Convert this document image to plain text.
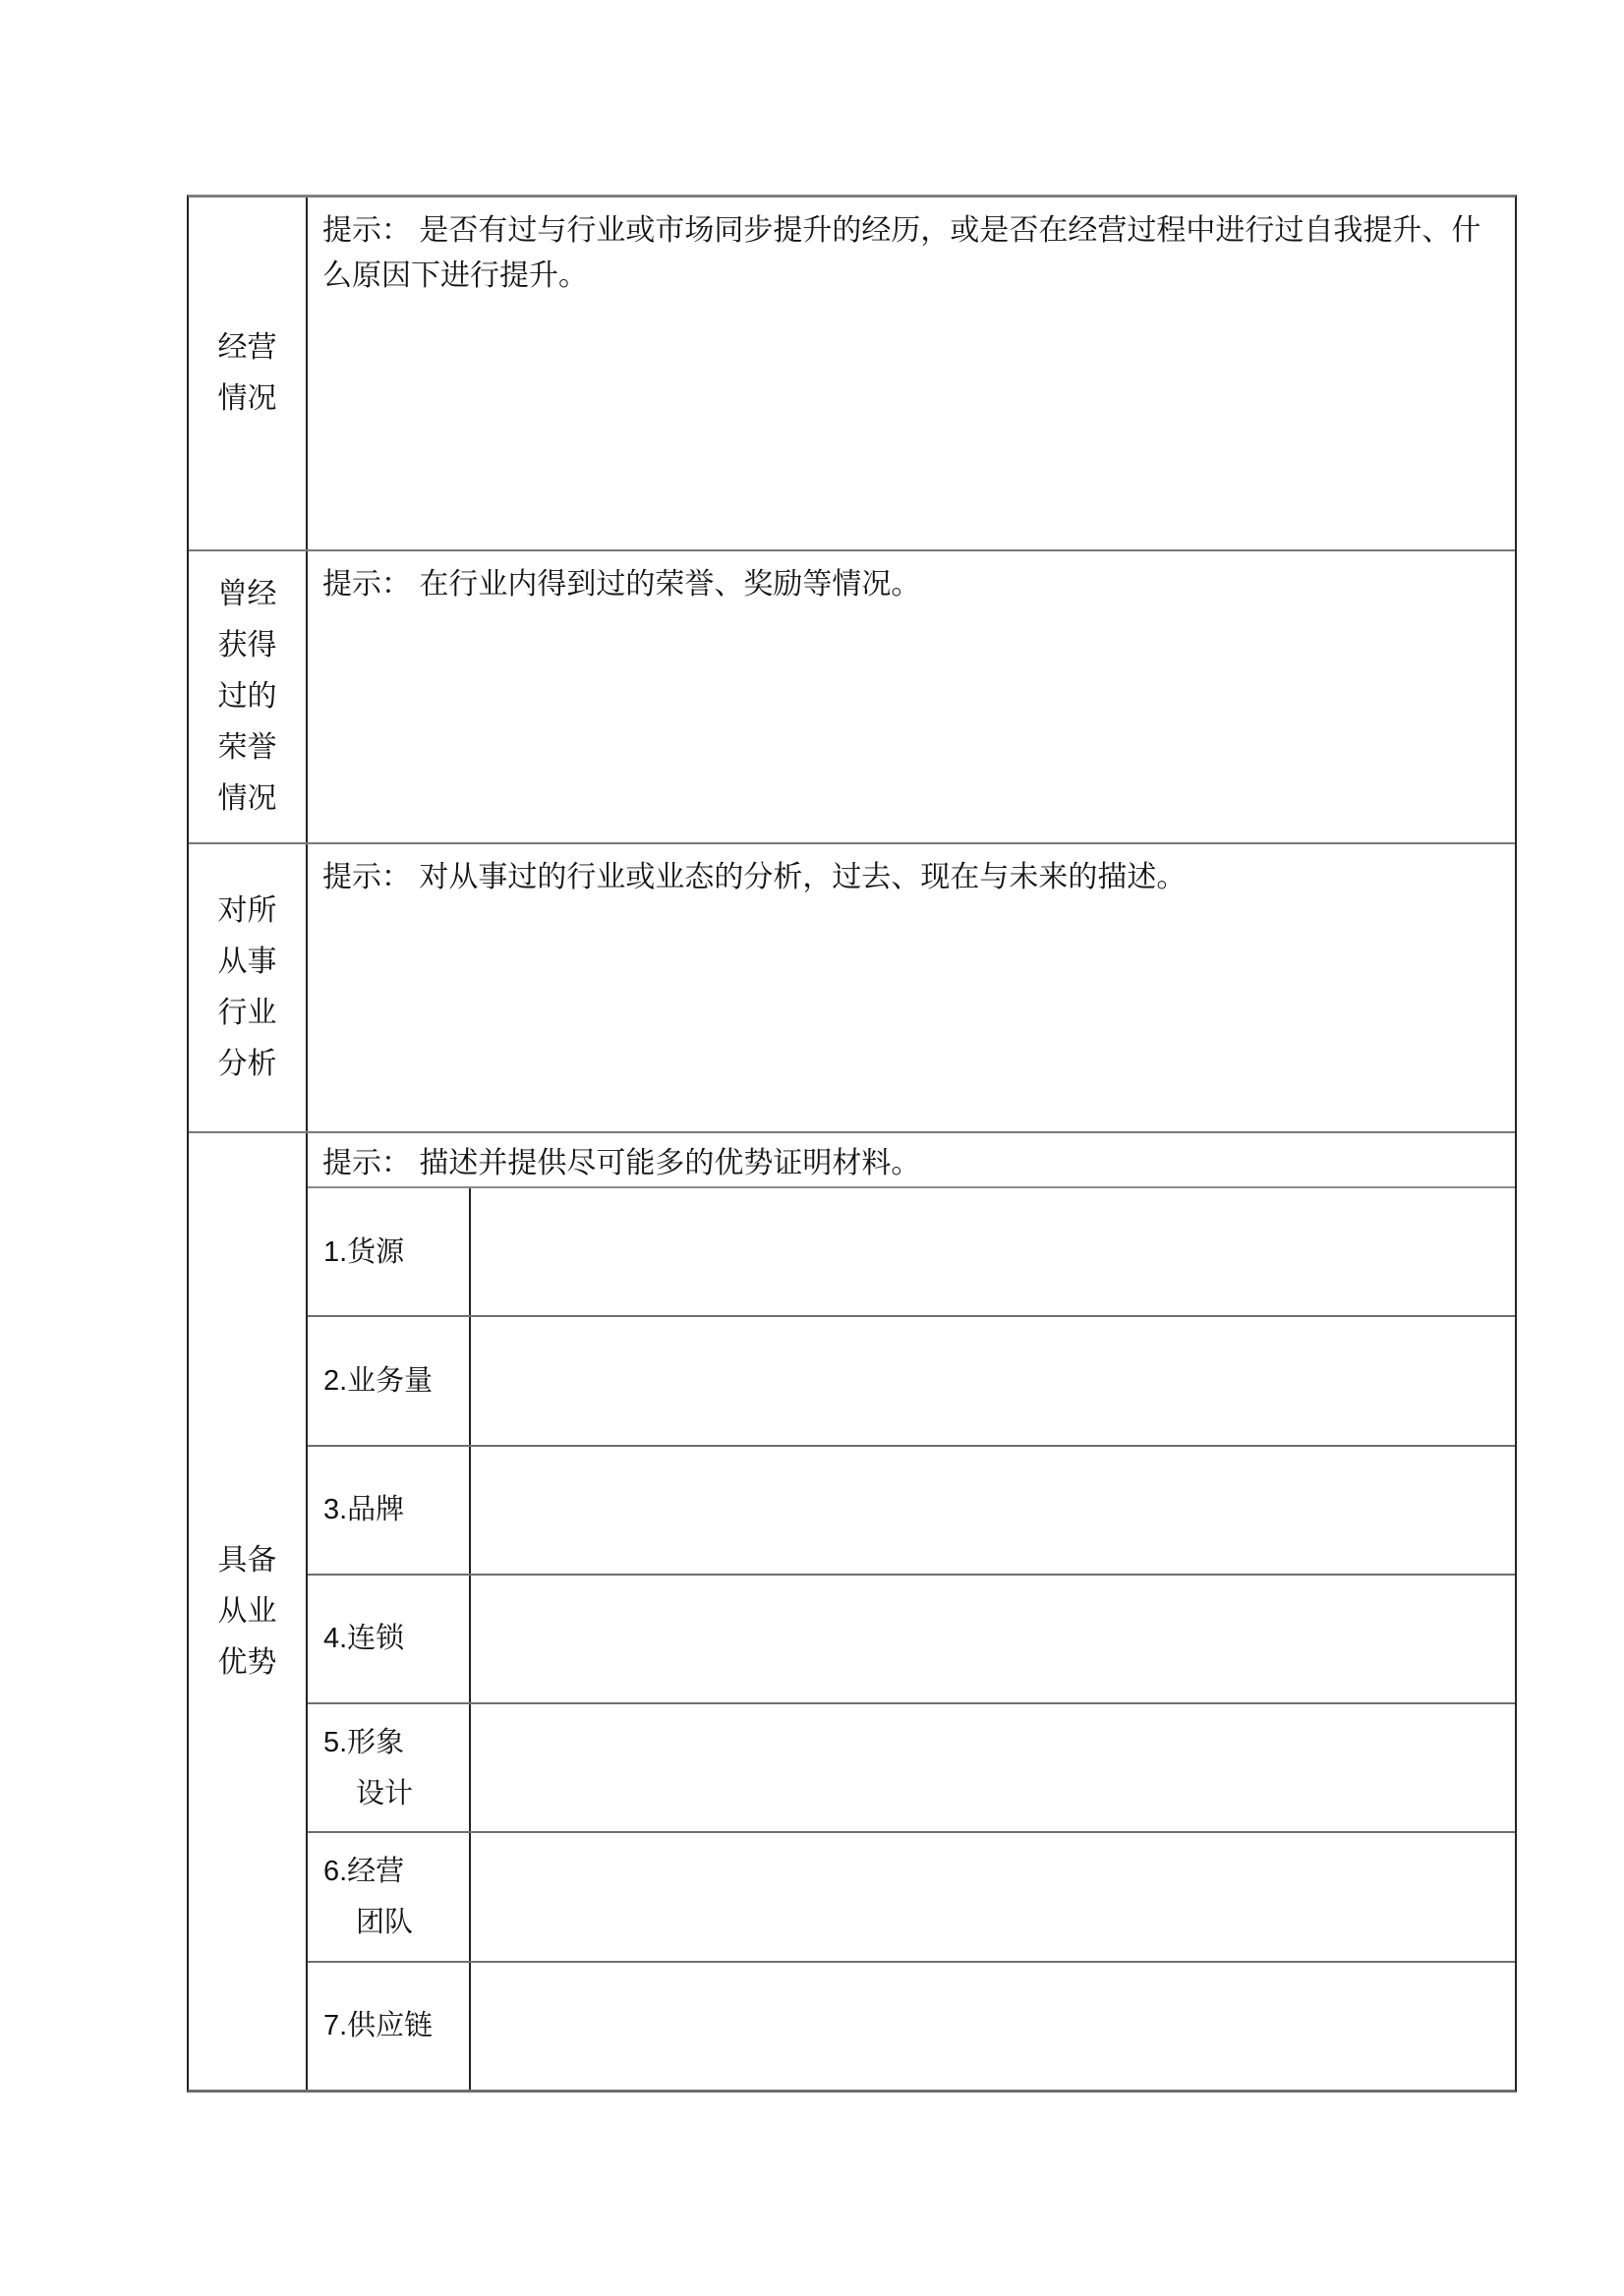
经营
情况
提示： 是否有过与行业或市场同步提升的经历，或是否在经营过程中进行过自我提升、什么原因下进行提升。
曾经
获得
过的
荣誉
情况
提示： 在行业内得到过的荣誉、奖励等情况。
对所
从事
行业
分析
提示： 对从事过的行业或业态的分析，过去、现在与未来的描述。
具备
从业
优势
提示： 描述并提供尽可能多的优势证明材料。
1.货源
2.业务量
3.品牌
4.连锁
5.形象
设计
6.经营
团队
7.供应链
